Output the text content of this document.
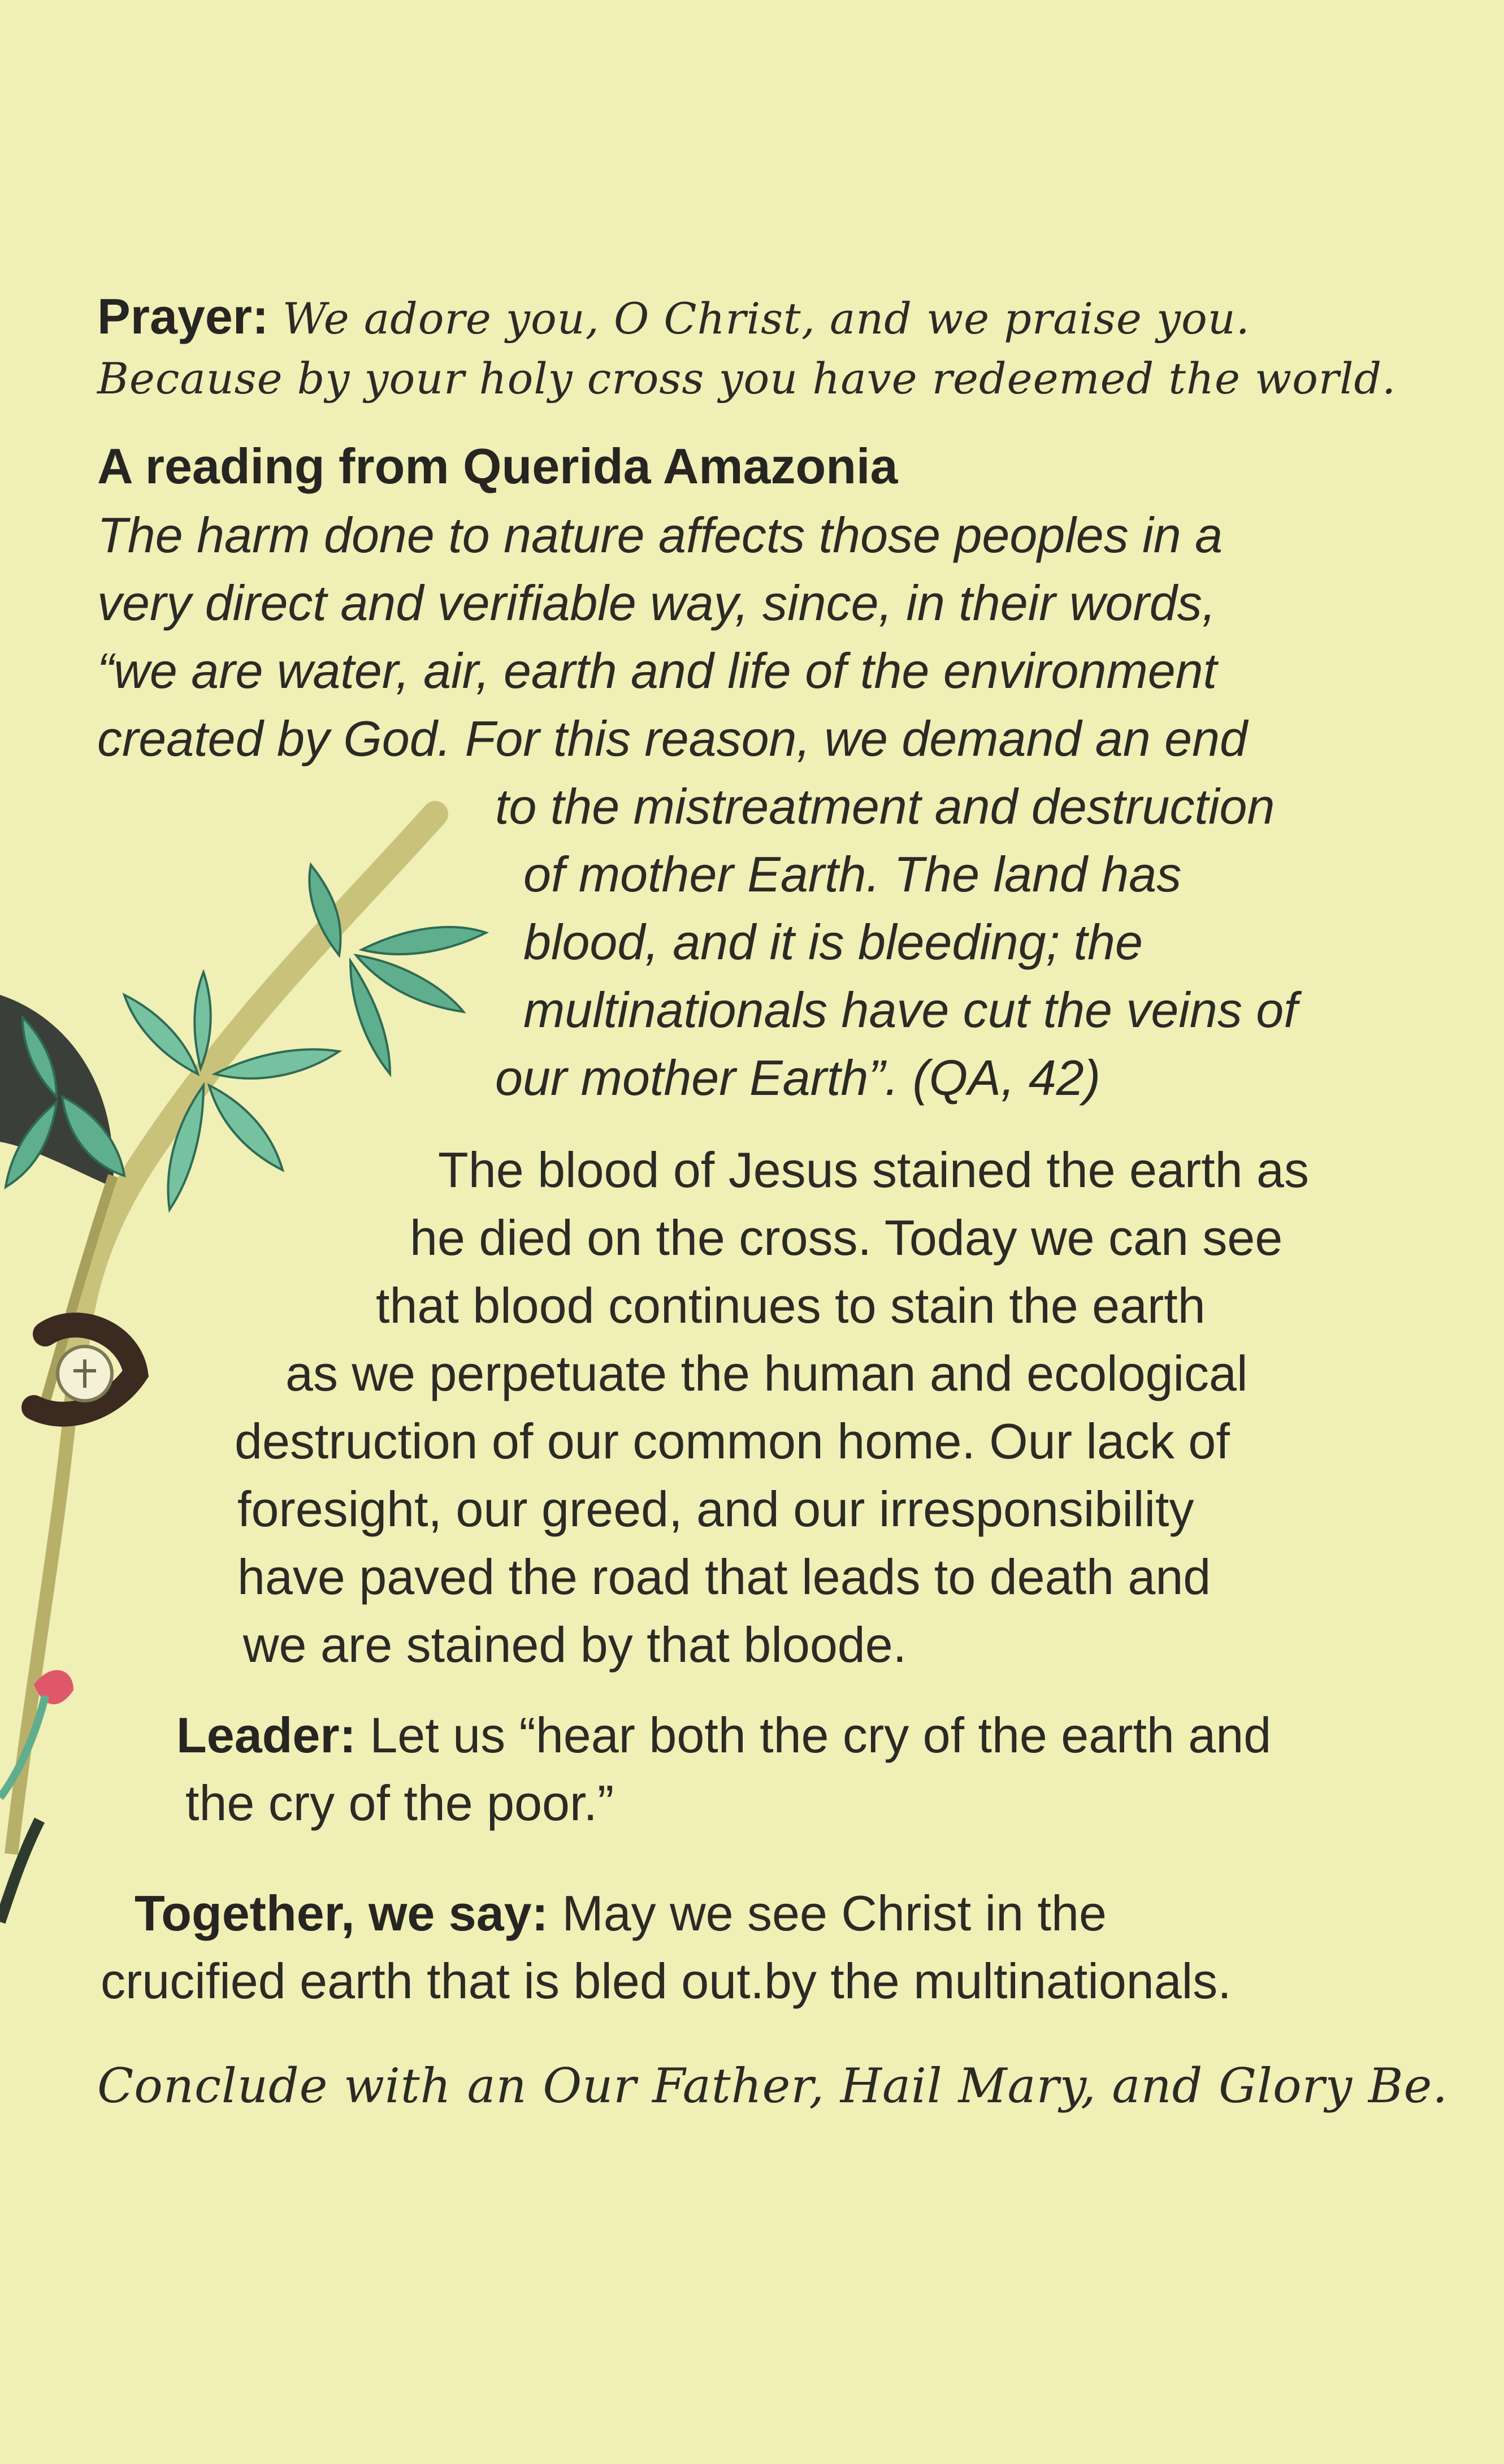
Prayer: We adore you, O Christ, and we praise you.
Because by your holy cross you have redeemed the world.
A reading from Querida Amazonia
The harm done to nature affects those peoples in a
very direct and verifiable way, since, in their words,
“we are water, air, earth and life of the environment
created by God. For this reason, we demand an end
to the mistreatment and destruction
of mother Earth. The land has
blood, and it is bleeding; the
multinationals have cut the veins of
our mother Earth”. (QA, 42)
The blood of Jesus stained the earth as
he died on the cross. Today we can see
that blood continues to stain the earth
as we perpetuate the human and ecological
destruction of our common home. Our lack of
foresight, our greed, and our irresponsibility
have paved the road that leads to death and
we are stained by that bloode.
Leader: Let us “hear both the cry of the earth and
the cry of the poor.”
Together, we say: May we see Christ in the
crucified earth that is bled out.by the multinationals.
Conclude with an Our Father, Hail Mary, and Glory Be.
